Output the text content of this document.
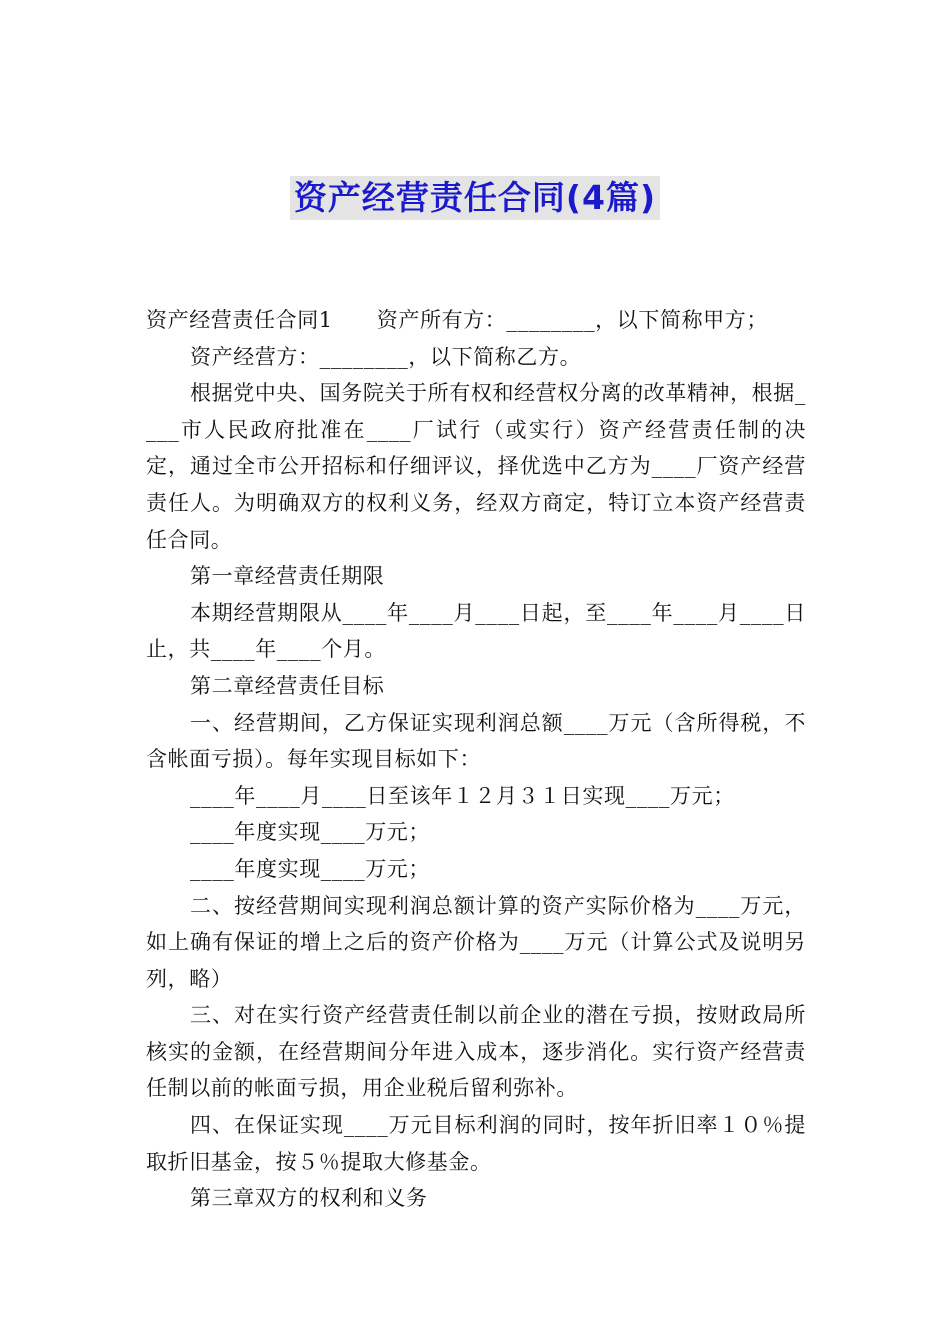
资产经营责任合同(4篇)

资产经营责任合同1 资产所有方：________，以下简称甲方；

资产经营方：________，以下简称乙方。

根据党中央、国务院关于所有权和经营权分离的改革精神，根据____市人民政府批准在____厂试行（或实行）资产经营责任制的决定，通过全市公开招标和仔细评议，择优选中乙方为____厂资产经营责任人。为明确双方的权利义务，经双方商定，特订立本资产经营责任合同。

第一章经营责任期限

本期经营期限从____年____月____日起，至____年____月____日止，共____年____个月。

第二章经营责任目标

一、经营期间，乙方保证实现利润总额____万元（含所得税，不含帐面亏损）。每年实现目标如下：

____年____月____日至该年１２月３１日实现____万元；

____年度实现____万元；

____年度实现____万元；

二、按经营期间实现利润总额计算的资产实际价格为____万元，如上确有保证的增上之后的资产价格为____万元（计算公式及说明另列，略）

三、对在实行资产经营责任制以前企业的潜在亏损，按财政局所核实的金额，在经营期间分年进入成本，逐步消化。实行资产经营责任制以前的帐面亏损，用企业税后留利弥补。

四、在保证实现____万元目标利润的同时，按年折旧率１０％提取折旧基金，按５％提取大修基金。

第三章双方的权利和义务
